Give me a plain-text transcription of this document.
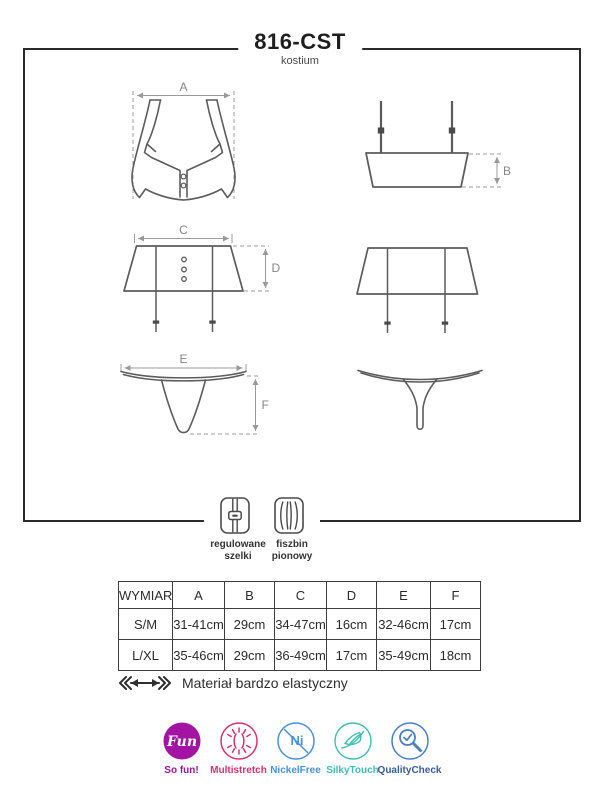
816-CST
kostium
A
B
C
D
E
F
regulowane
szelki
fiszbin
pionowy
WYMIAR	A	B	C	D	E	F
S/M	31-41cm	29cm	34-47cm	16cm	32-46cm	17cm
L/XL	35-46cm	29cm	36-49cm	17cm	35-49cm	18cm
Materiał bardzo elastyczny
Fun
So fun! Multistretch
Ni
NickelFree SilkyTouch
QualityCheck
